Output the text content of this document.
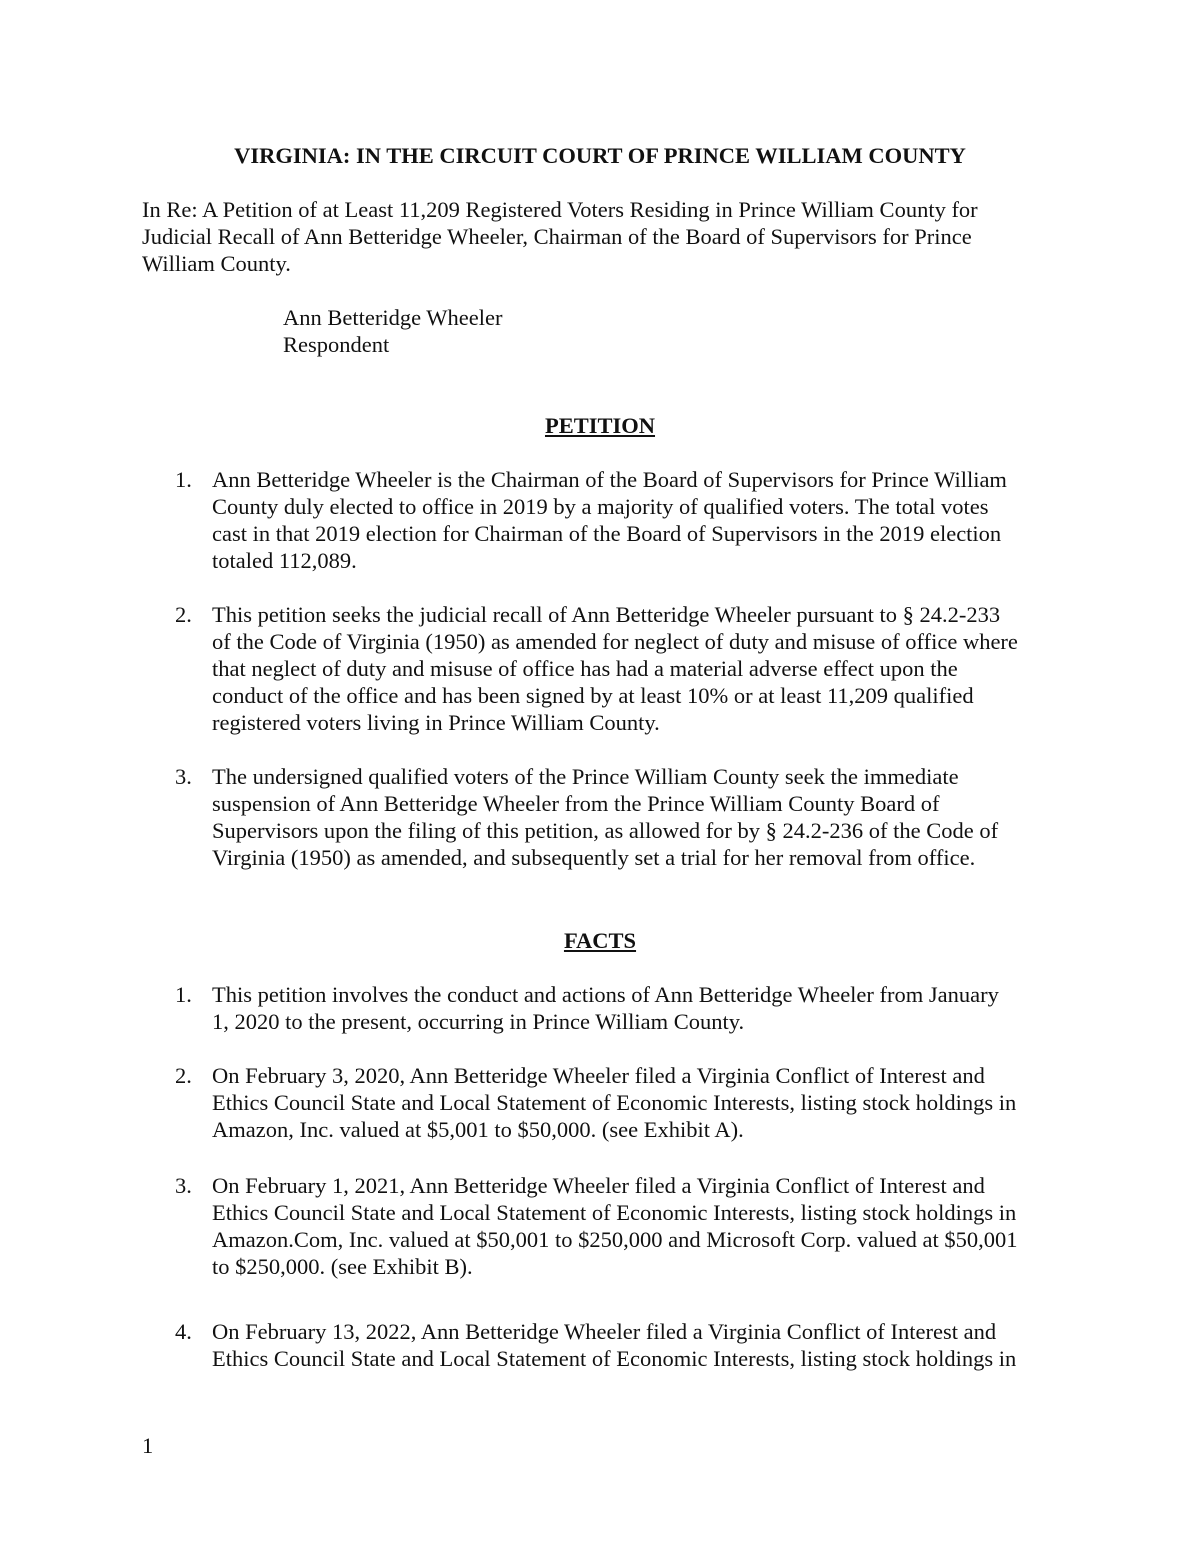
VIRGINIA: IN THE CIRCUIT COURT OF PRINCE WILLIAM COUNTY
In Re: A Petition of at Least 11,209 Registered Voters Residing in Prince William County for
Judicial Recall of Ann Betteridge Wheeler, Chairman of the Board of Supervisors for Prince
William County.
Ann Betteridge Wheeler
Respondent
PETITION
1. Ann Betteridge Wheeler is the Chairman of the Board of Supervisors for Prince William
County duly elected to office in 2019 by a majority of qualified voters. The total votes
cast in that 2019 election for Chairman of the Board of Supervisors in the 2019 election
totaled 112,089.
2. This petition seeks the judicial recall of Ann Betteridge Wheeler pursuant to § 24.2-233
of the Code of Virginia (1950) as amended for neglect of duty and misuse of office where
that neglect of duty and misuse of office has had a material adverse effect upon the
conduct of the office and has been signed by at least 10% or at least 11,209 qualified
registered voters living in Prince William County.
3. The undersigned qualified voters of the Prince William County seek the immediate
suspension of Ann Betteridge Wheeler from the Prince William County Board of
Supervisors upon the filing of this petition, as allowed for by § 24.2-236 of the Code of
Virginia (1950) as amended, and subsequently set a trial for her removal from office.
FACTS
1. This petition involves the conduct and actions of Ann Betteridge Wheeler from January
1, 2020 to the present, occurring in Prince William County.
2. On February 3, 2020, Ann Betteridge Wheeler filed a Virginia Conflict of Interest and
Ethics Council State and Local Statement of Economic Interests, listing stock holdings in
Amazon, Inc. valued at $5,001 to $50,000. (see Exhibit A).
3. On February 1, 2021, Ann Betteridge Wheeler filed a Virginia Conflict of Interest and
Ethics Council State and Local Statement of Economic Interests, listing stock holdings in
Amazon.Com, Inc. valued at $50,001 to $250,000 and Microsoft Corp. valued at $50,001
to $250,000. (see Exhibit B).
4. On February 13, 2022, Ann Betteridge Wheeler filed a Virginia Conflict of Interest and
Ethics Council State and Local Statement of Economic Interests, listing stock holdings in
1
